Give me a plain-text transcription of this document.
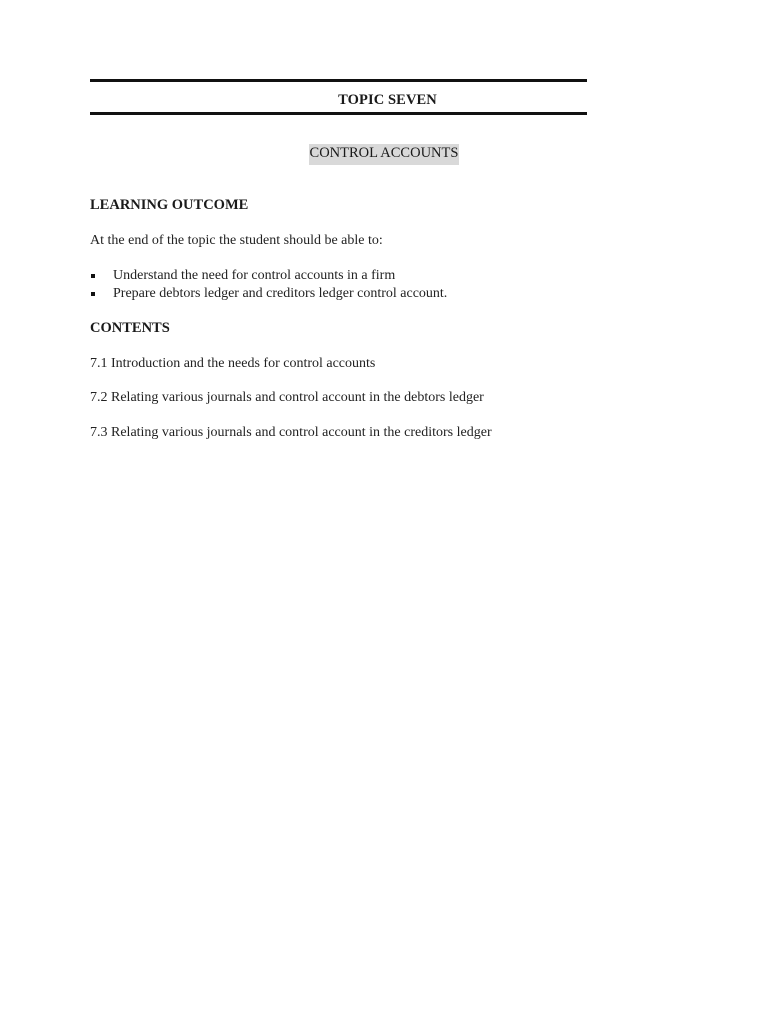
TOPIC SEVEN
CONTROL ACCOUNTS
LEARNING OUTCOME
At the end of the topic the student should be able to:
Understand the need for control accounts in a firm
Prepare debtors ledger and creditors ledger control account.
CONTENTS
7.1 Introduction and the needs for control accounts
7.2 Relating various journals and control account in the debtors ledger
7.3 Relating various journals and control account in the creditors ledger
